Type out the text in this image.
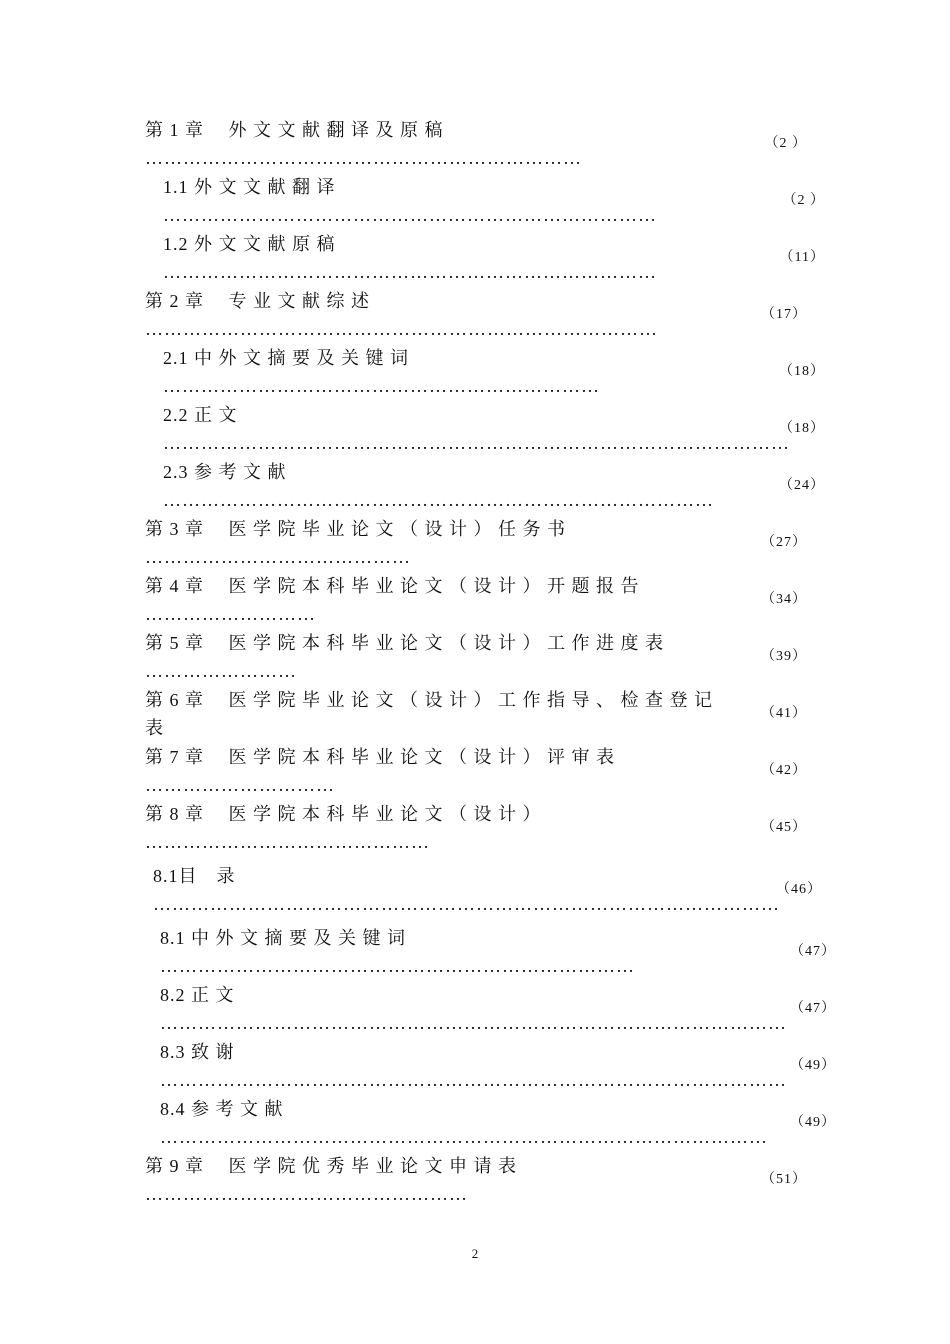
第 1 章 　外 文 文 献 翻 译 及 原 稿 ……………………………………………………………
（2 ）
1.1 外 文 文 献 翻 译 ……………………………………………………………………
（2 ）
1.2 外 文 文 献 原 稿 ……………………………………………………………………
（11）
第 2 章 　专 业 文 献 综 述 ………………………………………………………………………
（17）
2.1 中 外 文 摘 要 及 关 键 词 ……………………………………………………………
（18）
2.2 正 文 ………………………………………………………………………………………
（18）
2.3 参 考 文 献 ……………………………………………………………………………
（24）
第 3 章 　医 学 院 毕 业 论 文 （ 设 计 ） 任 务 书 ……………………………………
（27）
第 4 章 　医 学 院 本 科 毕 业 论 文 （ 设 计 ） 开 题 报 告 ………………………
（34）
第 5 章 　医 学 院 本 科 毕 业 论 文 （ 设 计 ） 工 作 进 度 表 ……………………
（39）
第 6 章 　医 学 院 毕 业 论 文 （ 设 计 ） 工 作 指 导 、 检 查 登 记 表
（41）
第 7 章 　医 学 院 本 科 毕 业 论 文 （ 设 计 ） 评 审 表 …………………………
（42）
第 8 章 　医 学 院 本 科 毕 业 论 文 （ 设 计 ） ………………………………………
（45）
8.1目　录 ………………………………………………………………………………………
（46）
8.1 中 外 文 摘 要 及 关 键 词 …………………………………………………………………
（47）
8.2 正 文 ………………………………………………………………………………………
（47）
8.3 致 谢 ………………………………………………………………………………………
（49）
8.4 参 考 文 献 ……………………………………………………………………………………
（49）
第 9 章 　医 学 院 优 秀 毕 业 论 文 申 请 表 ……………………………………………
（51）
2
